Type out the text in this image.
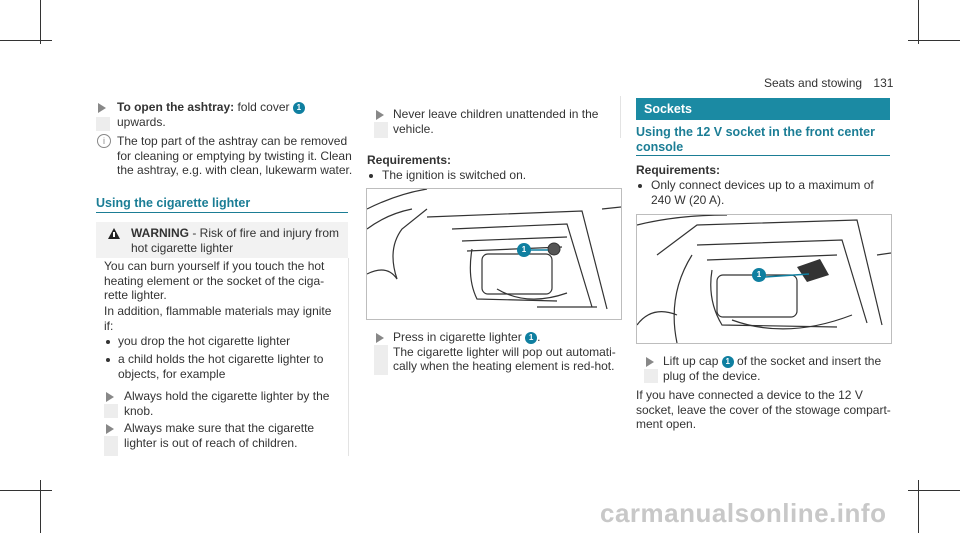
Seats and stowing 131
To open the ashtray: fold cover 1
upwards.
i	The top part of the ashtray can be removed
for cleaning or emptying by twisting it. Clean
the ashtray, e.g. with clean, lukewarm water.
Using the cigarette lighter
WARNING - Risk of fire and injury from
hot cigarette lighter
You can burn yourself if you touch the hot
heating element or the socket of the ciga-
rette lighter.
In addition, flammable materials may ignite
if:
you drop the hot cigarette lighter
a child holds the hot cigarette lighter to
objects, for example
Always hold the cigarette lighter by the
knob.
Always make sure that the cigarette
lighter is out of reach of children.
Never leave children unattended in the
vehicle.
Requirements:
The ignition is switched on.
1
Press in cigarette lighter 1 .
The cigarette lighter will pop out automati-
cally when the heating element is red-hot.
Sockets
Using the 12 V socket in the front center
console
Requirements:
Only connect devices up to a maximum of
240 W (20 A).
1
Lift up cap 1 of the socket and insert the
plug of the device.
If you have connected a device to the 12 V
socket, leave the cover of the stowage compart-
ment open.
carmanualsonline.info
